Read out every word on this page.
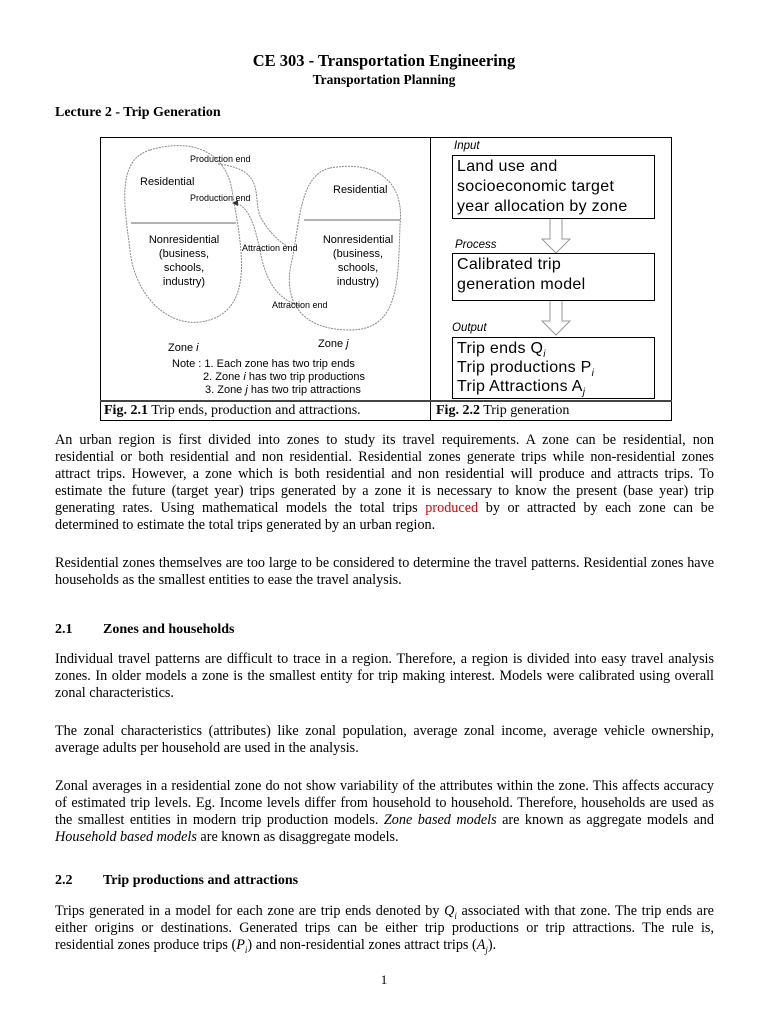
CE 303 - Transportation Engineering
Transportation Planning
Lecture 2 - Trip Generation
Production end
Residential
Production end
Residential
Nonresidential
(business,
schools,
industry)
Nonresidential
(business,
schools,
industry)
Attraction end
Attraction end
Zone i	Zone j
Note : 1. Each zone has two trip ends
2. Zone i has two trip productions
3. Zone j has two trip attractions
Fig. 2.1 Trip ends, production and attractions.
Input
Land use and
socioeconomic target
year allocation by zone
Process
Calibrated trip
generation model
Output
Trip ends $Q_i$
Trip productions $P_i$
Trip Attractions $A_j$
Fig. 2.2 Trip generation
An urban region is first divided into zones to study its travel requirements. A zone can be residential, non residential or both residential and non residential. Residential zones generate trips while non-residential zones attract trips. However, a zone which is both residential and non residential will produce and attracts trips. To estimate the future (target year) trips generated by a zone it is necessary to know the present (base year) trip generating rates. Using mathematical models the total trips produced by or attracted by each zone can be determined to estimate the total trips generated by an urban region.
Residential zones themselves are too large to be considered to determine the travel patterns. Residential zones have households as the smallest entities to ease the travel analysis.
2.1 Zones and households
Individual travel patterns are difficult to trace in a region. Therefore, a region is divided into easy travel analysis zones. In older models a zone is the smallest entity for trip making interest. Models were calibrated using overall zonal characteristics.
The zonal characteristics (attributes) like zonal population, average zonal income, average vehicle ownership, average adults per household are used in the analysis.
Zonal averages in a residential zone do not show variability of the attributes within the zone. This affects accuracy of estimated trip levels. Eg. Income levels differ from household to household. Therefore, households are used as the smallest entities in modern trip production models. Zone based models are known as aggregate models and Household based models are known as disaggregate models.
2.2 Trip productions and attractions
Trips generated in a model for each zone are trip ends denoted by $Q_i$ associated with that zone. The trip ends are either origins or destinations. Generated trips can be either trip productions or trip attractions. The rule is, residential zones produce trips $(P_i)$ and non-residential zones attract trips $(A_j)$.
1
